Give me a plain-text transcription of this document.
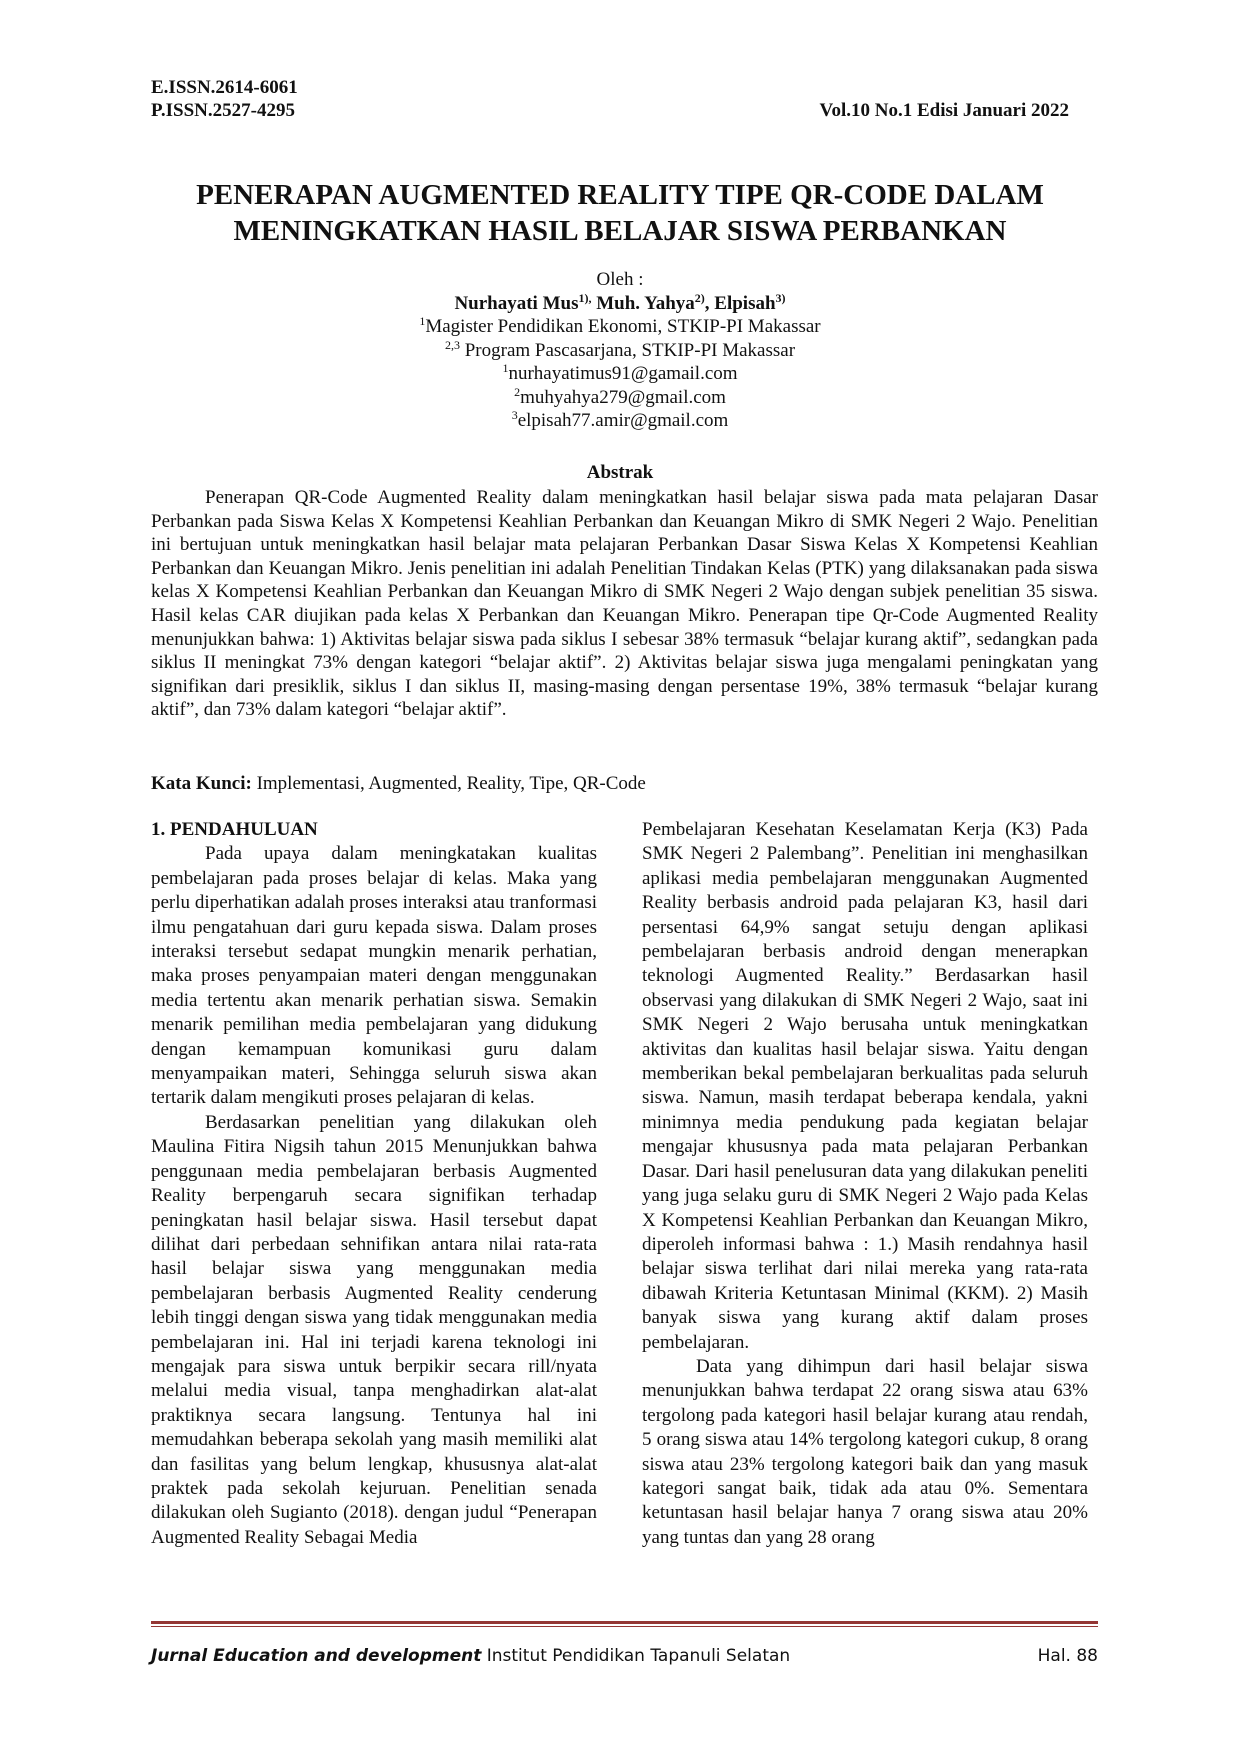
E.ISSN.2614-6061
P.ISSN.2527-4295	Vol.10 No.1 Edisi Januari 2022
PENERAPAN AUGMENTED REALITY TIPE QR-CODE DALAM
MENINGKATKAN HASIL BELAJAR SISWA PERBANKAN
Oleh :
Nurhayati Mus$^{1),}$ Muh. Yahya$^{2)}$, Elpisah$^{3)}$
$^1$Magister Pendidikan Ekonomi, STKIP-PI Makassar
$^{2,3}$ Program Pascasarjana, STKIP-PI Makassar
$^1$nurhayatimus91@gamail.com
$^2$muhyahya279@gmail.com
$^3$elpisah77.amir@gmail.com
Abstrak

Penerapan QR-Code Augmented Reality dalam meningkatkan hasil belajar siswa pada mata pelajaran Dasar Perbankan pada Siswa Kelas X Kompetensi Keahlian Perbankan dan Keuangan Mikro di SMK Negeri 2 Wajo. Penelitian ini bertujuan untuk meningkatkan hasil belajar mata pelajaran Perbankan Dasar Siswa Kelas X Kompetensi Keahlian Perbankan dan Keuangan Mikro. Jenis penelitian ini adalah Penelitian Tindakan Kelas (PTK) yang dilaksanakan pada siswa kelas X Kompetensi Keahlian Perbankan dan Keuangan Mikro di SMK Negeri 2 Wajo dengan subjek penelitian 35 siswa. Hasil kelas CAR diujikan pada kelas X Perbankan dan Keuangan Mikro. Penerapan tipe Qr-Code Augmented Reality menunjukkan bahwa: 1) Aktivitas belajar siswa pada siklus I sebesar 38% termasuk “belajar kurang aktif”, sedangkan pada siklus II meningkat 73% dengan kategori “belajar aktif”. 2) Aktivitas belajar siswa juga mengalami peningkatan yang signifikan dari presiklik, siklus I dan siklus II, masing-masing dengan persentase 19%, 38% termasuk “belajar kurang aktif”, dan 73% dalam kategori “belajar aktif”.

Kata Kunci: Implementasi, Augmented, Reality, Tipe, QR-Code
1. PENDAHULUAN

Pada upaya dalam meningkatakan kualitas pembelajaran pada proses belajar di kelas. Maka yang perlu diperhatikan adalah proses interaksi atau tranformasi ilmu pengatahuan dari guru kepada siswa. Dalam proses interaksi tersebut sedapat mungkin menarik perhatian, maka proses penyampaian materi dengan menggunakan media tertentu akan menarik perhatian siswa. Semakin menarik pemilihan media pembelajaran yang didukung dengan kemampuan komunikasi guru dalam menyampaikan materi, Sehingga seluruh siswa akan tertarik dalam mengikuti proses pelajaran di kelas.

Berdasarkan penelitian yang dilakukan oleh Maulina Fitira Nigsih tahun 2015 Menunjukkan bahwa penggunaan media pembelajaran berbasis Augmented Reality berpengaruh secara signifikan terhadap peningkatan hasil belajar siswa. Hasil tersebut dapat dilihat dari perbedaan sehnifikan antara nilai rata-rata hasil belajar siswa yang menggunakan media pembelajaran berbasis Augmented Reality cenderung lebih tinggi dengan siswa yang tidak menggunakan media pembelajaran ini. Hal ini terjadi karena teknologi ini mengajak para siswa untuk berpikir secara rill/nyata melalui media visual, tanpa menghadirkan alat-alat praktiknya secara langsung. Tentunya hal ini memudahkan beberapa sekolah yang masih memiliki alat dan fasilitas yang belum lengkap, khususnya alat-alat praktek pada sekolah kejuruan. Penelitian senada dilakukan oleh Sugianto (2018). dengan judul “Penerapan Augmented Reality Sebagai Media

Pembelajaran Kesehatan Keselamatan Kerja (K3) Pada SMK Negeri 2 Palembang”. Penelitian ini menghasilkan aplikasi media pembelajaran menggunakan Augmented Reality berbasis android pada pelajaran K3, hasil dari persentasi 64,9% sangat setuju dengan aplikasi pembelajaran berbasis android dengan menerapkan teknologi Augmented Reality.” Berdasarkan hasil observasi yang dilakukan di SMK Negeri 2 Wajo, saat ini SMK Negeri 2 Wajo berusaha untuk meningkatkan aktivitas dan kualitas hasil belajar siswa. Yaitu dengan memberikan bekal pembelajaran berkualitas pada seluruh siswa. Namun, masih terdapat beberapa kendala, yakni minimnya media pendukung pada kegiatan belajar mengajar khususnya pada mata pelajaran Perbankan Dasar. Dari hasil penelusuran data yang dilakukan peneliti yang juga selaku guru di SMK Negeri 2 Wajo pada Kelas X Kompetensi Keahlian Perbankan dan Keuangan Mikro, diperoleh informasi bahwa : 1.) Masih rendahnya hasil belajar siswa terlihat dari nilai mereka yang rata-rata dibawah Kriteria Ketuntasan Minimal (KKM). 2) Masih banyak siswa yang kurang aktif dalam proses pembelajaran.

Data yang dihimpun dari hasil belajar siswa menunjukkan bahwa terdapat 22 orang siswa atau 63% tergolong pada kategori hasil belajar kurang atau rendah, 5 orang siswa atau 14% tergolong kategori cukup, 8 orang siswa atau 23% tergolong kategori baik dan yang masuk kategori sangat baik, tidak ada atau 0%. Sementara ketuntasan hasil belajar hanya 7 orang siswa atau 20% yang tuntas dan yang 28 orang

Jurnal Education and development Institut Pendidikan Tapanuli Selatan	Hal. 88
